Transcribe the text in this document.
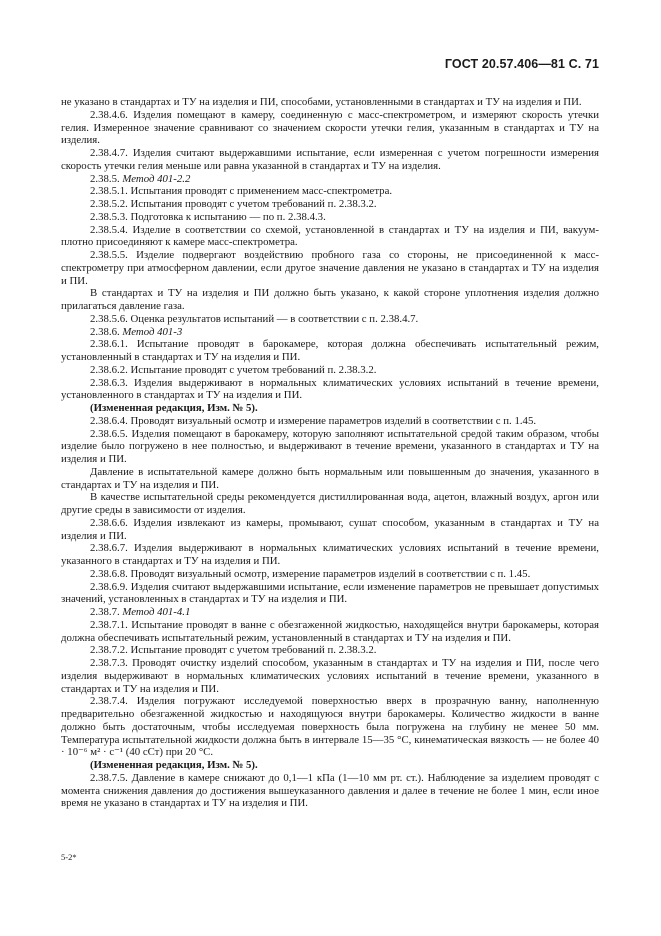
ГОСТ 20.57.406—81 С. 71

не указано в стандартах и ТУ на изделия и ПИ, способами, установленными в стандартах и ТУ на изделия и ПИ.

2.38.4.6. Изделия помещают в камеру, соединенную с масс-спектрометром, и измеряют скорость утечки гелия. Измеренное значение сравнивают со значением скорости утечки гелия, указанным в стандартах и ТУ на изделия.

2.38.4.7. Изделия считают выдержавшими испытание, если измеренная с учетом погрешности измерения скорость утечки гелия меньше или равна указанной в стандартах и ТУ на изделия.

2.38.5. Метод 401-2.2

2.38.5.1. Испытания проводят с применением масс-спектрометра.

2.38.5.2. Испытания проводят с учетом требований п. 2.38.3.2.

2.38.5.3. Подготовка к испытанию — по п. 2.38.4.3.

2.38.5.4. Изделие в соответствии со схемой, установленной в стандартах и ТУ на изделия и ПИ, вакуум-плотно присоединяют к камере масс-спектрометра.

2.38.5.5. Изделие подвергают воздействию пробного газа со стороны, не присоединенной к масс-спектрометру при атмосферном давлении, если другое значение давления не указано в стандартах и ТУ на изделия и ПИ.

В стандартах и ТУ на изделия и ПИ должно быть указано, к какой стороне уплотнения изделия должно прилагаться давление газа.

2.38.5.6. Оценка результатов испытаний — в соответствии с п. 2.38.4.7.

2.38.6. Метод 401-3

2.38.6.1. Испытание проводят в барокамере, которая должна обеспечивать испытательный режим, установленный в стандартах и ТУ на изделия и ПИ.

2.38.6.2. Испытание проводят с учетом требований п. 2.38.3.2.

2.38.6.3. Изделия выдерживают в нормальных климатических условиях испытаний в течение времени, установленного в стандартах и ТУ на изделия и ПИ.

(Измененная редакция, Изм. № 5).

2.38.6.4. Проводят визуальный осмотр и измерение параметров изделий в соответствии с п. 1.45.

2.38.6.5. Изделия помещают в барокамеру, которую заполняют испытательной средой таким образом, чтобы изделие было погружено в нее полностью, и выдерживают в течение времени, указанного в стандартах и ТУ на изделия и ПИ.

Давление в испытательной камере должно быть нормальным или повышенным до значения, указанного в стандартах и ТУ на изделия и ПИ.

В качестве испытательной среды рекомендуется дистиллированная вода, ацетон, влажный воздух, аргон или другие среды в зависимости от изделия.

2.38.6.6. Изделия извлекают из камеры, промывают, сушат способом, указанным в стандартах и ТУ на изделия и ПИ.

2.38.6.7. Изделия выдерживают в нормальных климатических условиях испытаний в течение времени, указанного в стандартах и ТУ на изделия и ПИ.

2.38.6.8. Проводят визуальный осмотр, измерение параметров изделий в соответствии с п. 1.45.

2.38.6.9. Изделия считают выдержавшими испытание, если изменение параметров не превышает допустимых значений, установленных в стандартах и ТУ на изделия и ПИ.

2.38.7. Метод 401-4.1

2.38.7.1. Испытание проводят в ванне с обезгаженной жидкостью, находящейся внутри барокамеры, которая должна обеспечивать испытательный режим, установленный в стандартах и ТУ на изделия и ПИ.

2.38.7.2. Испытание проводят с учетом требований п. 2.38.3.2.

2.38.7.3. Проводят очистку изделий способом, указанным в стандартах и ТУ на изделия и ПИ, после чего изделия выдерживают в нормальных климатических условиях испытаний в течение времени, указанного в стандартах и ТУ на изделия и ПИ.

2.38.7.4. Изделия погружают исследуемой поверхностью вверх в прозрачную ванну, наполненную предварительно обезгаженной жидкостью и находящуюся внутри барокамеры. Количество жидкости в ванне должно быть достаточным, чтобы исследуемая поверхность была погружена на глубину не менее 50 мм. Температура испытательной жидкости должна быть в интервале 15—35 °С, кинематическая вязкость — не более 40 · 10⁻⁶ м² · с⁻¹ (40 сСт) при 20 °С.

(Измененная редакция, Изм. № 5).

2.38.7.5. Давление в камере снижают до 0,1—1 кПа (1—10 мм рт. ст.). Наблюдение за изделием проводят с момента снижения давления до достижения вышеуказанного давления и далее в течение не более 1 мин, если иное время не указано в стандартах и ТУ на изделия и ПИ.

5-2*
